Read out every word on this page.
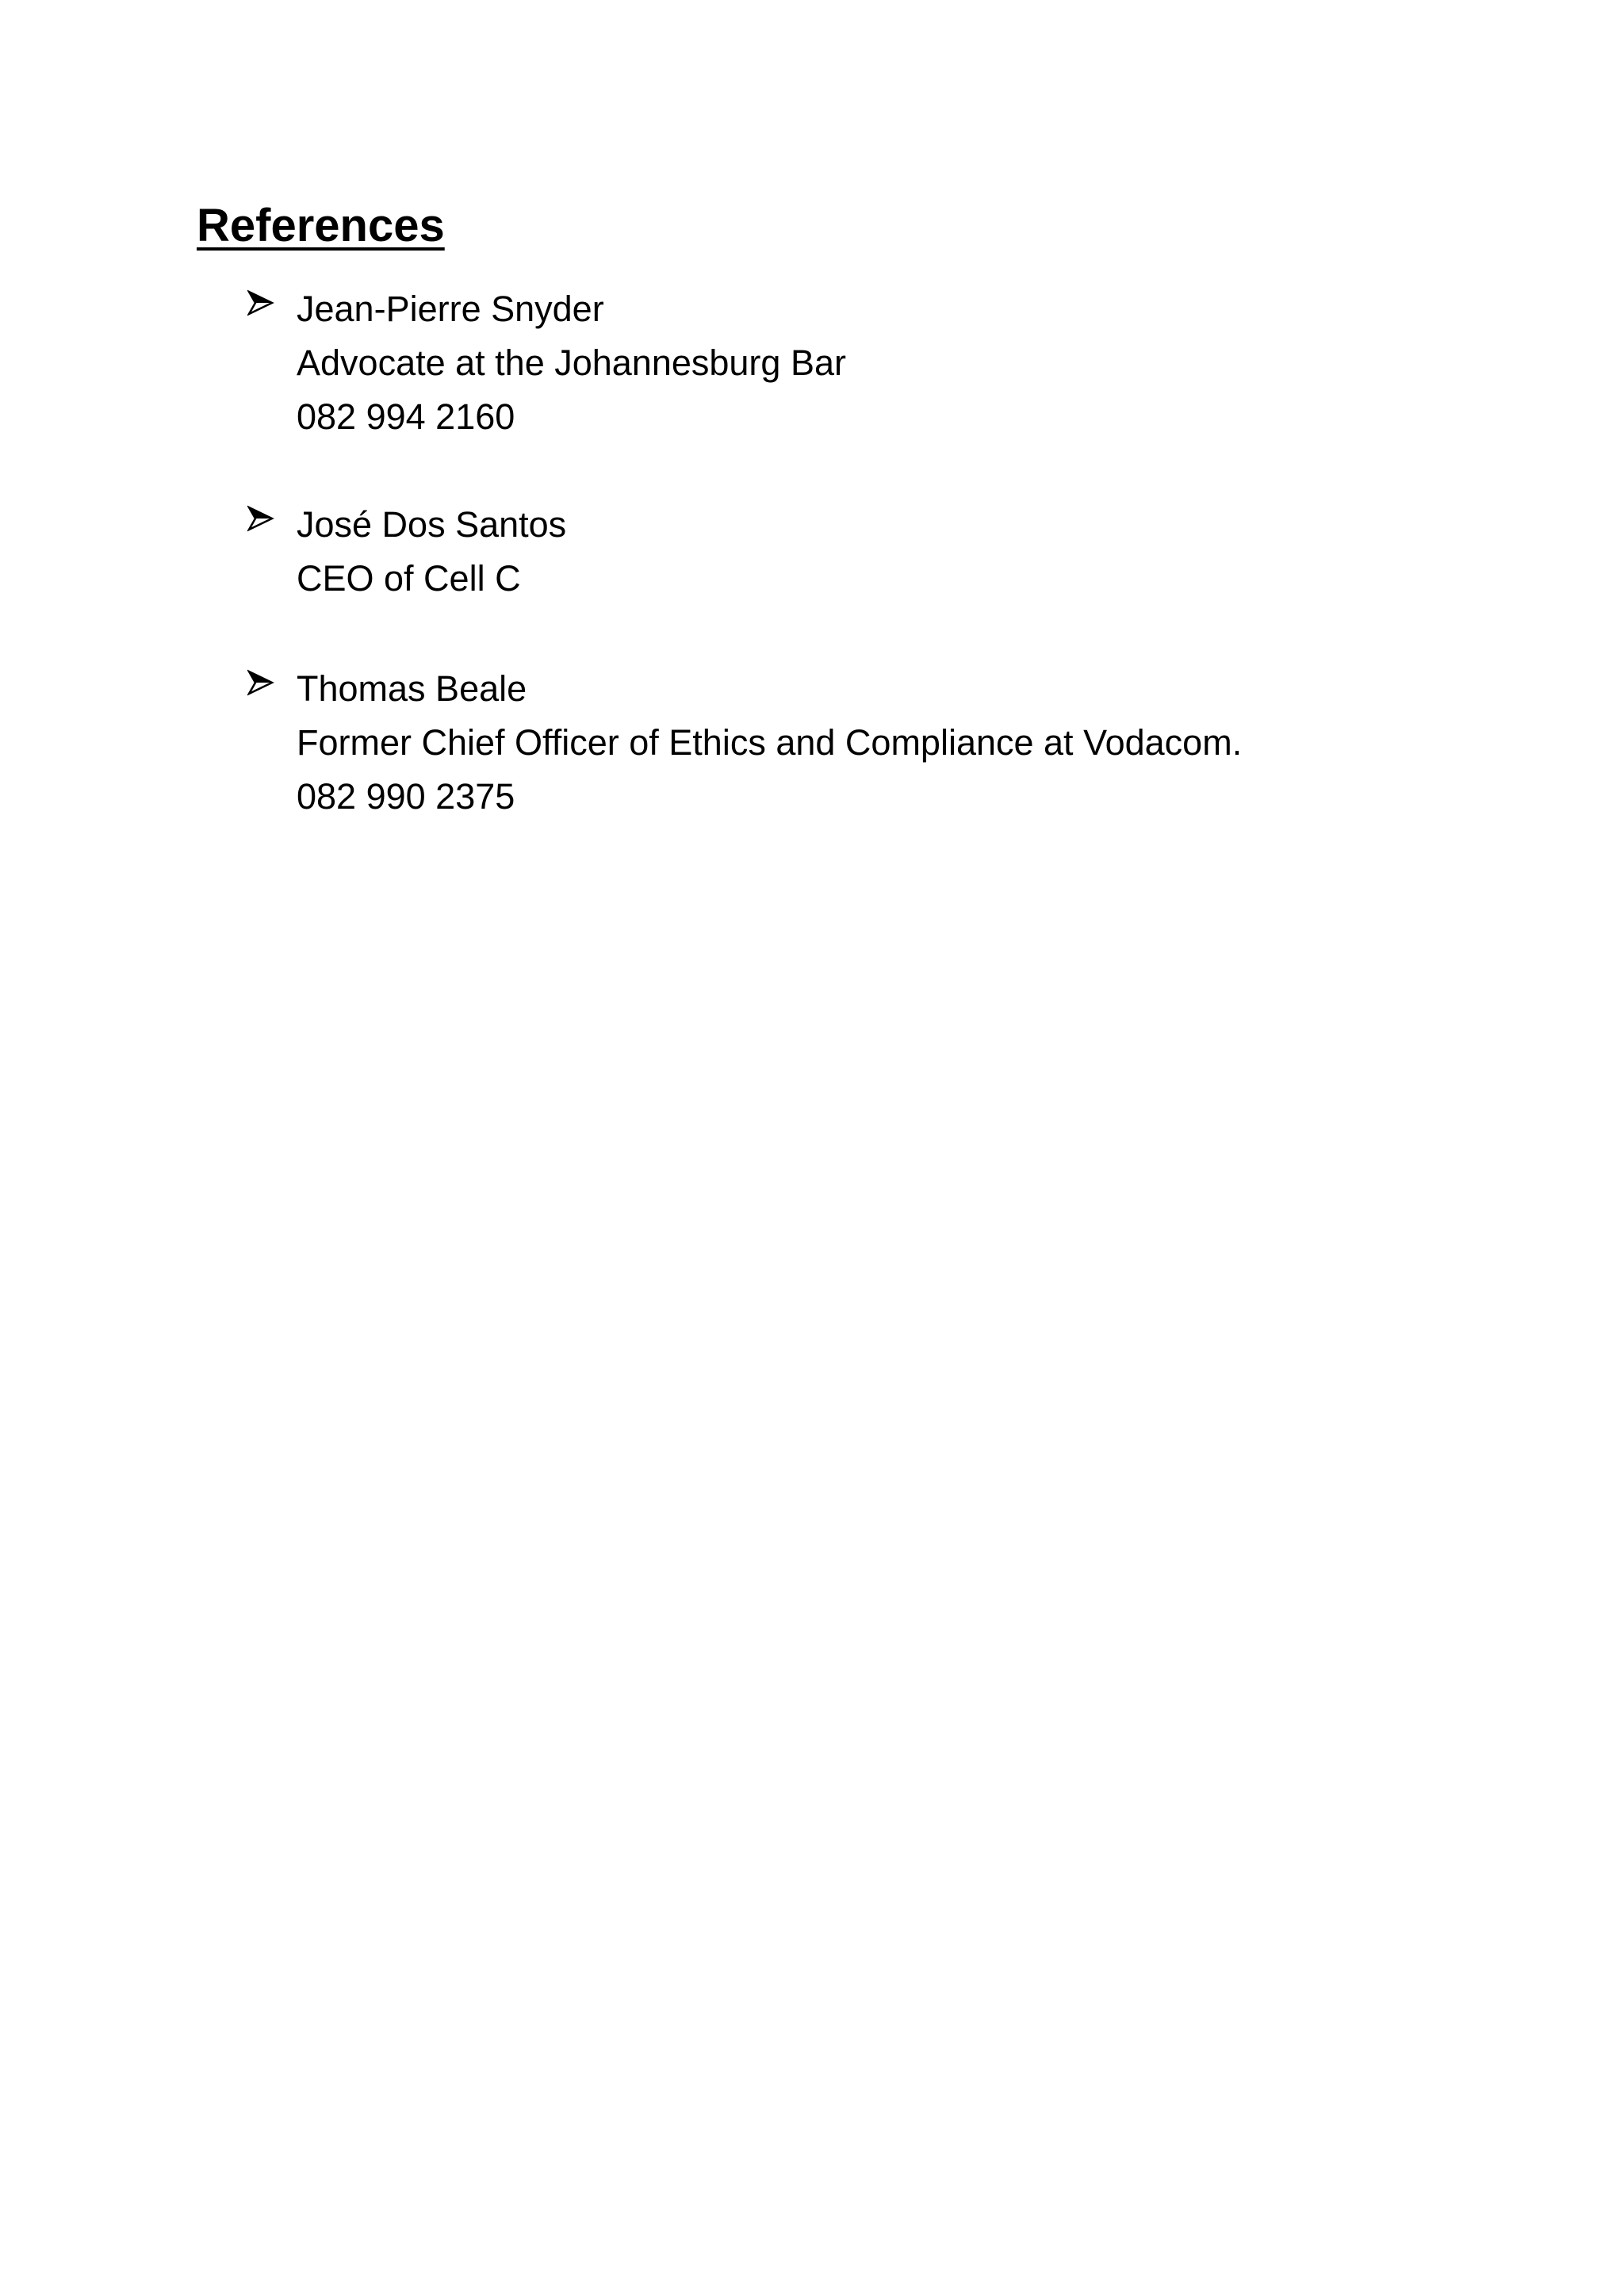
References
Jean-Pierre Snyder
Advocate at the Johannesburg Bar
082 994 2160
José Dos Santos
CEO of Cell C
Thomas Beale
Former Chief Officer of Ethics and Compliance at Vodacom.
082 990 2375
